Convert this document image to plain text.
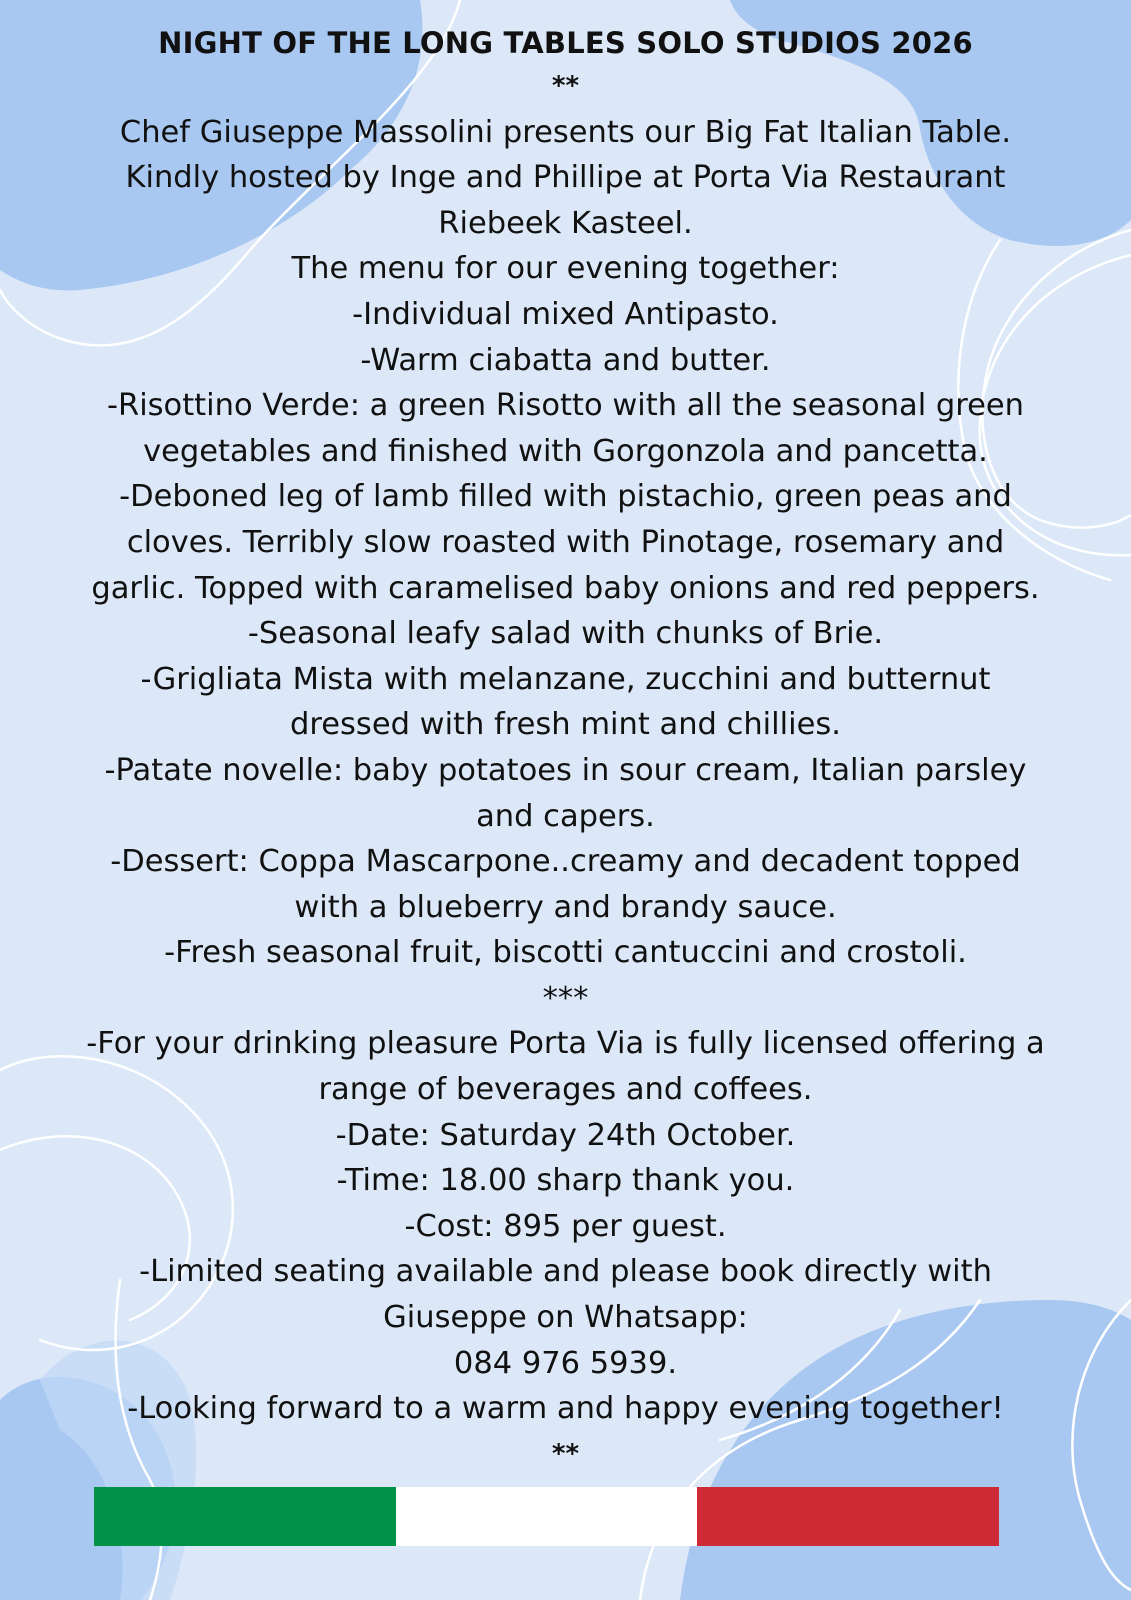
NIGHT OF THE LONG TABLES SOLO STUDIOS 2026
**
Chef Giuseppe Massolini presents our Big Fat Italian Table.
Kindly hosted by Inge and Phillipe at Porta Via Restaurant
Riebeek Kasteel.
The menu for our evening together:
-Individual mixed Antipasto.
-Warm ciabatta and butter.
-Risottino Verde: a green Risotto with all the seasonal green
vegetables and finished with Gorgonzola and pancetta.
-Deboned leg of lamb filled with pistachio, green peas and
cloves. Terribly slow roasted with Pinotage, rosemary and
garlic. Topped with caramelised baby onions and red peppers.
-Seasonal leafy salad with chunks of Brie.
-Grigliata Mista with melanzane, zucchini and butternut
dressed with fresh mint and chillies.
-Patate novelle: baby potatoes in sour cream, Italian parsley
and capers.
-Dessert: Coppa Mascarpone..creamy and decadent topped
with a blueberry and brandy sauce.
-Fresh seasonal fruit, biscotti cantuccini and crostoli.
***
-For your drinking pleasure Porta Via is fully licensed offering a
range of beverages and coffees.
-Date: Saturday 24th October.
-Time: 18.00 sharp thank you.
-Cost: 895 per guest.
-Limited seating available and please book directly with
Giuseppe on Whatsapp:
084 976 5939.
-Looking forward to a warm and happy evening together!
**
